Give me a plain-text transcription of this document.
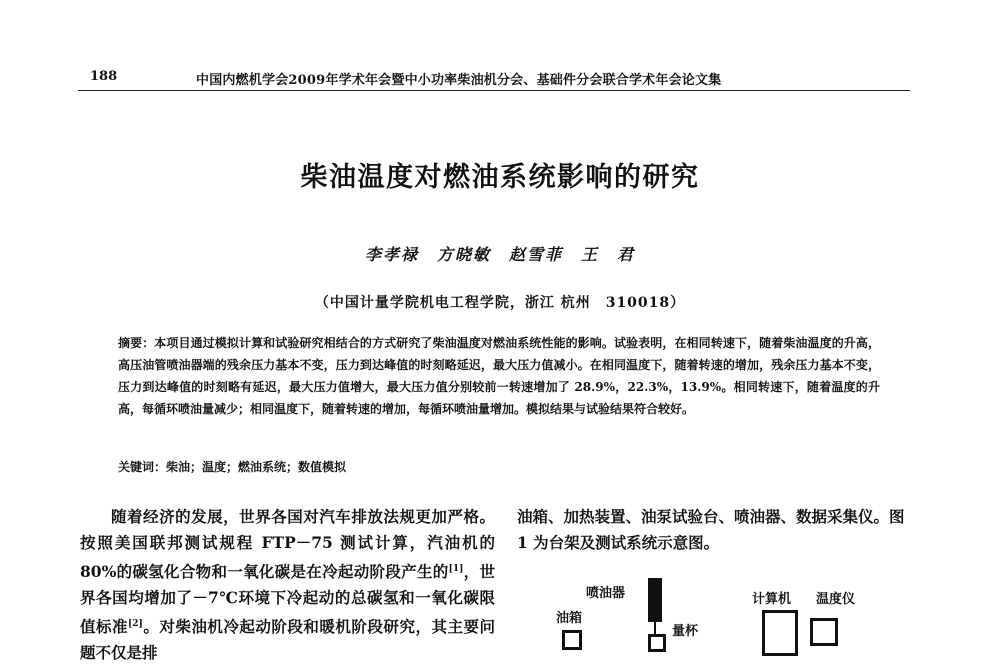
188	中国内燃机学会2009年学术年会暨中小功率柴油机分会、基础件分会联合学术年会论文集
柴油温度对燃油系统影响的研究
李孝禄　方晓敏　赵雪菲　王　君
（中国计量学院机电工程学院，浙江 杭州　310018）
摘要：本项目通过模拟计算和试验研究相结合的方式研究了柴油温度对燃油系统性能的影响。试验表明，在相同转速下，随着柴油温度的升高，高压油管喷油器端的残余压力基本不变，压力到达峰值的时刻略延迟，最大压力值减小。在相同温度下，随着转速的增加，残余压力基本不变，压力到达峰值的时刻略有延迟，最大压力值增大，最大压力值分别较前一转速增加了 28.9%，22.3%，13.9%。相同转速下，随着温度的升高，每循环喷油量减少；相同温度下，随着转速的增加，每循环喷油量增加。模拟结果与试验结果符合较好。
关键词：柴油；温度；燃油系统；数值模拟
随着经济的发展，世界各国对汽车排放法规更加严格。按照美国联邦测试规程 FTP－75 测试计算，汽油机的 80%的碳氢化合物和一氧化碳是在冷起动阶段产生的[1]，世界各国均增加了－7℃环境下冷起动的总碳氢和一氧化碳限值标准[2]。对柴油机冷起动阶段和暖机阶段研究，其主要问题不仅是排
油箱、加热装置、油泵试验台、喷油器、数据采集仪。图 1 为台架及测试系统示意图。
喷油器
油箱
量杯
计算机 温度仪
